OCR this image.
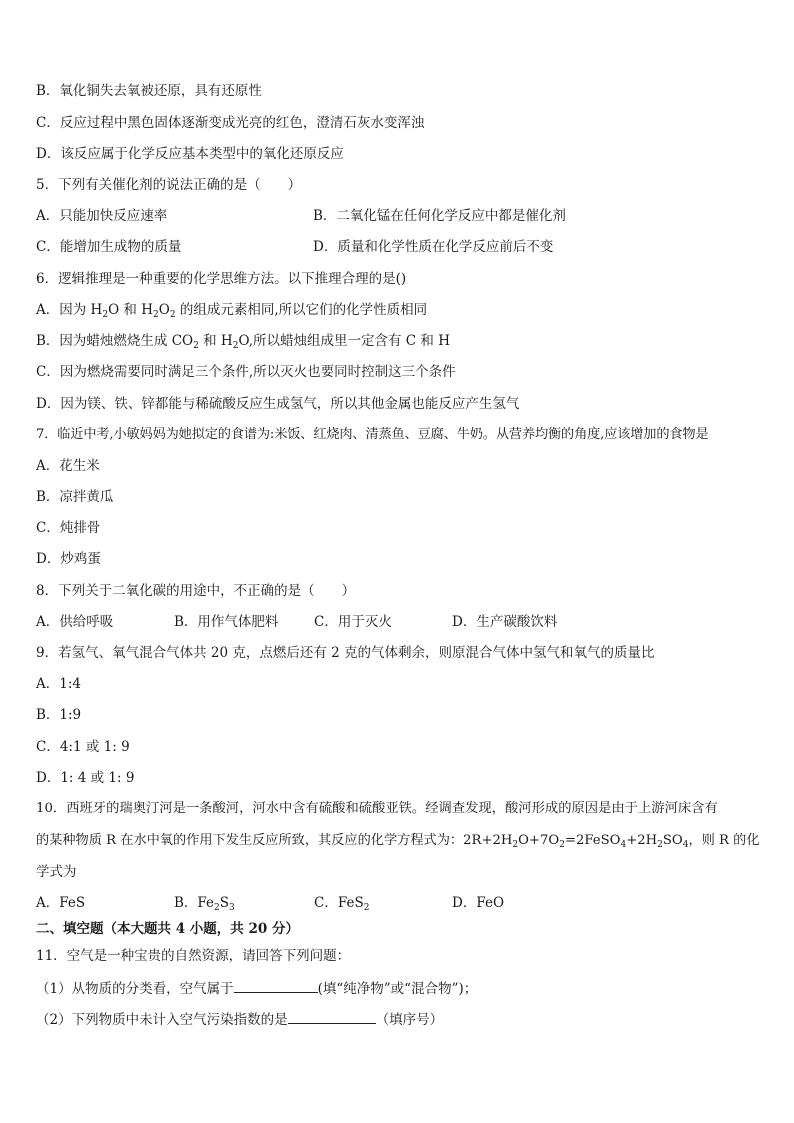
B．氧化铜失去氧被还原，具有还原性
C．反应过程中黑色固体逐渐变成光亮的红色，澄清石灰水变浑浊
D．该反应属于化学反应基本类型中的氧化还原反应
5．下列有关催化剂的说法正确的是（　　）
A．只能加快反应速率	B．二氧化锰在任何化学反应中都是催化剂
C．能增加生成物的质量	D．质量和化学性质在化学反应前后不变
6．逻辑推理是一种重要的化学思维方法。以下推理合理的是()
A．因为 $H_2O$ 和 $H_2O_2$ 的组成元素相同,所以它们的化学性质相同
B．因为蜡烛燃烧生成 $CO_2$ 和 $H_2O$,所以蜡烛组成里一定含有 C 和 H
C．因为燃烧需要同时满足三个条件,所以灭火也要同时控制这三个条件
D．因为镁、铁、锌都能与稀硫酸反应生成氢气，所以其他金属也能反应产生氢气
7．临近中考,小敏妈妈为她拟定的食谱为:米饭、红烧肉、清蒸鱼、豆腐、牛奶。从营养均衡的角度,应该增加的食物是
A．花生米
B．凉拌黄瓜
C．炖排骨
D．炒鸡蛋
8．下列关于二氧化碳的用途中，不正确的是（　　）
A．供给呼吸	B．用作气体肥料	C．用于灭火	D．生产碳酸饮料
9．若氢气、氧气混合气体共 20 克，点燃后还有 2 克的气体剩余，则原混合气体中氢气和氧气的质量比
A．1:4
B．1:9
C．4:1 或 1: 9
D．1: 4 或 1: 9
10．西班牙的瑞奥汀河是一条酸河，河水中含有硫酸和硫酸亚铁。经调查发现，酸河形成的原因是由于上游河床含有
的某种物质 R 在水中氧的作用下发生反应所致，其反应的化学方程式为：$2R+2H_2O+7O_2=2FeSO_4+2H_2SO_4$，则 R 的化
学式为
A．FeS	B．$Fe_2S_3$	C．FeS$_2$	D．FeO
二、填空题（本大题共 4 小题，共 20 分）
11．空气是一种宝贵的自然资源，请回答下列问题：
（1）从物质的分类看，空气属于	(填“纯净物”或“混合物”)；
（2）下列物质中未计入空气污染指数的是	（填序号）
